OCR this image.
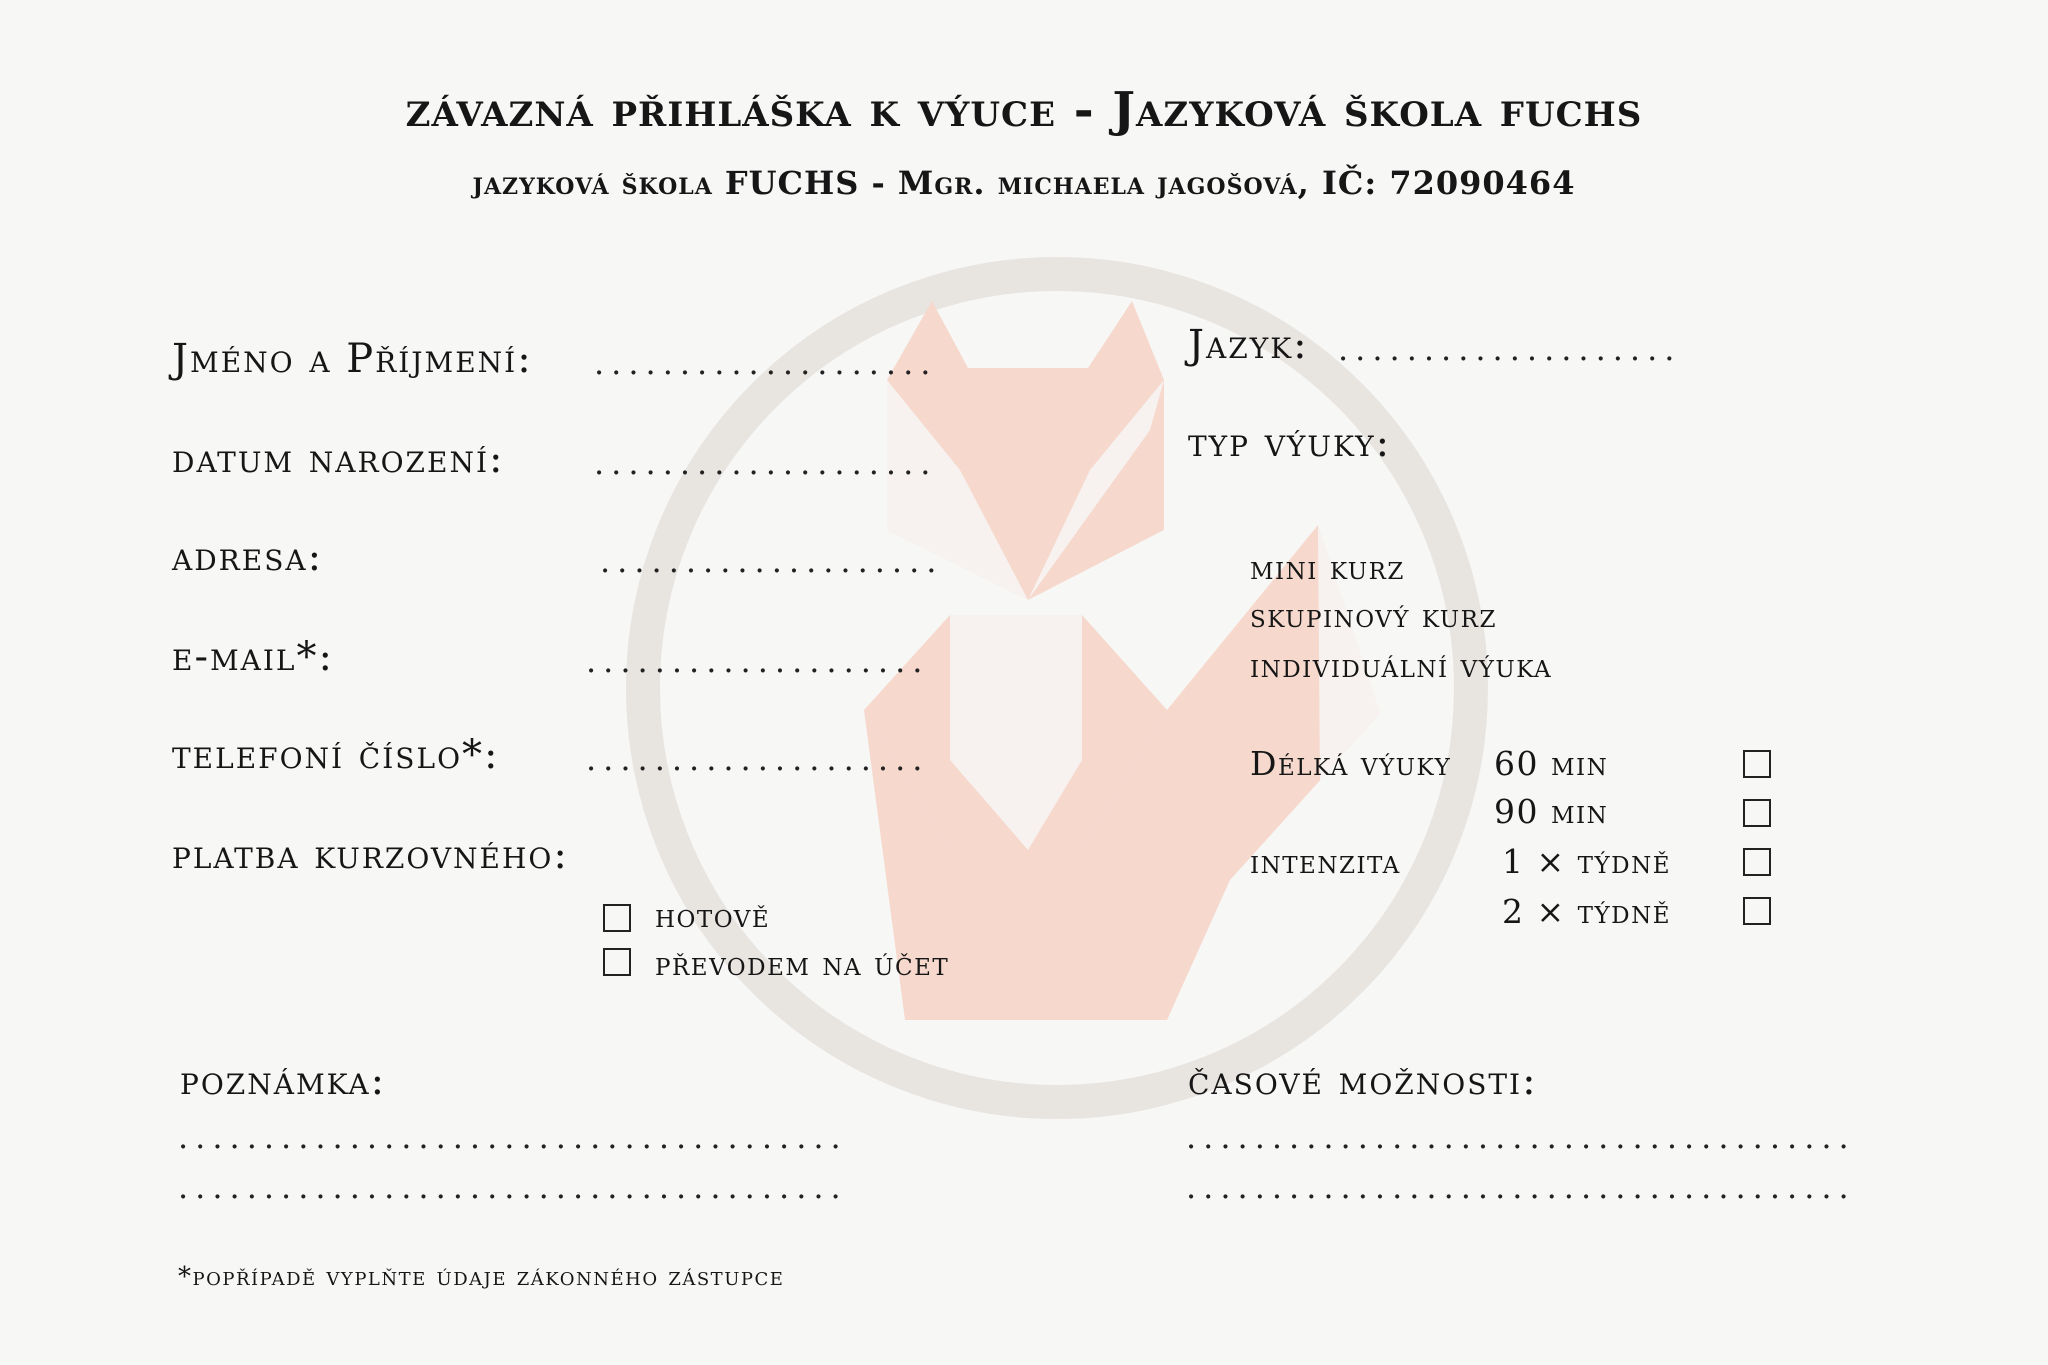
závazná přihláška k výuce - Jazyková škola fuchs
jazyková škola FUCHS - Mgr. michaela jagošová, IČ: 72090464
Jméno a Příjmení: ....................
datum narození:	....................
adresa:	....................
e-mail*:	....................
telefoní číslo*:	....................
platba kurzovného:
hotově
převodem na účet
Jazyk: ....................
typ výuky:
mini kurz
skupinový kurz
individuální výuka
Délká výuky 60 min
90 min
intenzita	1 × týdně
2 × týdně
poznámka:
.......................................
.......................................
časové možnosti:
.......................................
.......................................
*popřípadě vyplňte údaje zákonného zástupce
